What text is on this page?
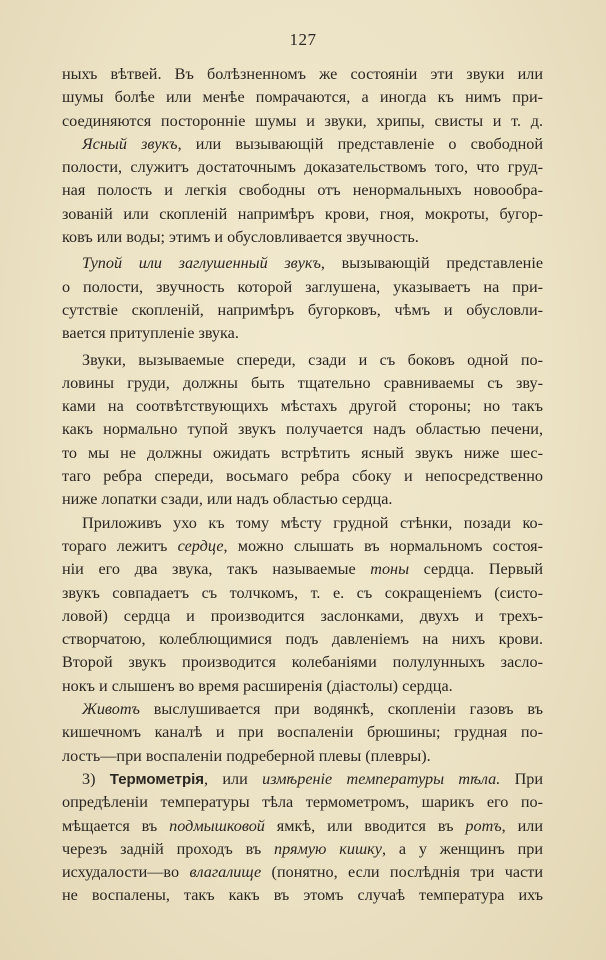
127
ныхъ вѣтвей. Въ болѣзненномъ же состояніи эти звуки или
шумы болѣе или менѣе помрачаются, а иногда къ нимъ при-
соединяются посторонніе шумы и звуки, хрипы, свисты и т. д.
Ясный звукъ, или вызывающій представленіе о свободной
полости, служитъ достаточнымъ доказательствомъ того, что груд-
ная полость и легкія свободны отъ ненормальныхъ новообра-
зованій или скопленій напримѣръ крови, гноя, мокроты, бугор-
ковъ или воды; этимъ и обусловливается звучность.
Тупой или заглушенный звукъ, вызывающій представленіе
о полости, звучность которой заглушена, указываетъ на при-
сутствіе скопленій, напримѣръ бугорковъ, чѣмъ и обусловли-
вается притупленіе звука.
Звуки, вызываемые спереди, сзади и съ боковъ одной по-
ловины груди, должны быть тщательно сравниваемы съ зву-
ками на соотвѣтствующихъ мѣстахъ другой стороны; но такъ
какъ нормально тупой звукъ получается надъ областью печени,
то мы не должны ожидать встрѣтить ясный звукъ ниже шес-
таго ребра спереди, восьмаго ребра сбоку и непосредственно
ниже лопатки сзади, или надъ областью сердца.
Приложивъ ухо къ тому мѣсту грудной стѣнки, позади ко-
тораго лежитъ сердце, можно слышать въ нормальномъ состоя-
ніи его два звука, такъ называемые тоны сердца. Первый
звукъ совпадаетъ съ толчкомъ, т. е. съ сокращеніемъ (систо-
ловой) сердца и производится заслонками, двухъ и трехъ-
створчатою, колеблющимися подъ давленіемъ на нихъ крови.
Второй звукъ производится колебаніями полулунныхъ засло-
нокъ и слышенъ во время расширенія (діастолы) сердца.
Животъ выслушивается при водянкѣ, скопленіи газовъ въ
кишечномъ каналѣ и при воспаленіи брюшины; грудная по-
лость—при воспаленіи подреберной плевы (плевры).
3) Термометрія, или измѣреніе температуры тѣла. При
опредѣленіи температуры тѣла термометромъ, шарикъ его по-
мѣщается въ подмышковой ямкѣ, или вводится въ ротъ, или
черезъ задній проходъ въ прямую кишку, а у женщинъ при
исхудалости—во влагалище (понятно, если послѣднія три части
не воспалены, такъ какъ въ этомъ случаѣ температура ихъ
